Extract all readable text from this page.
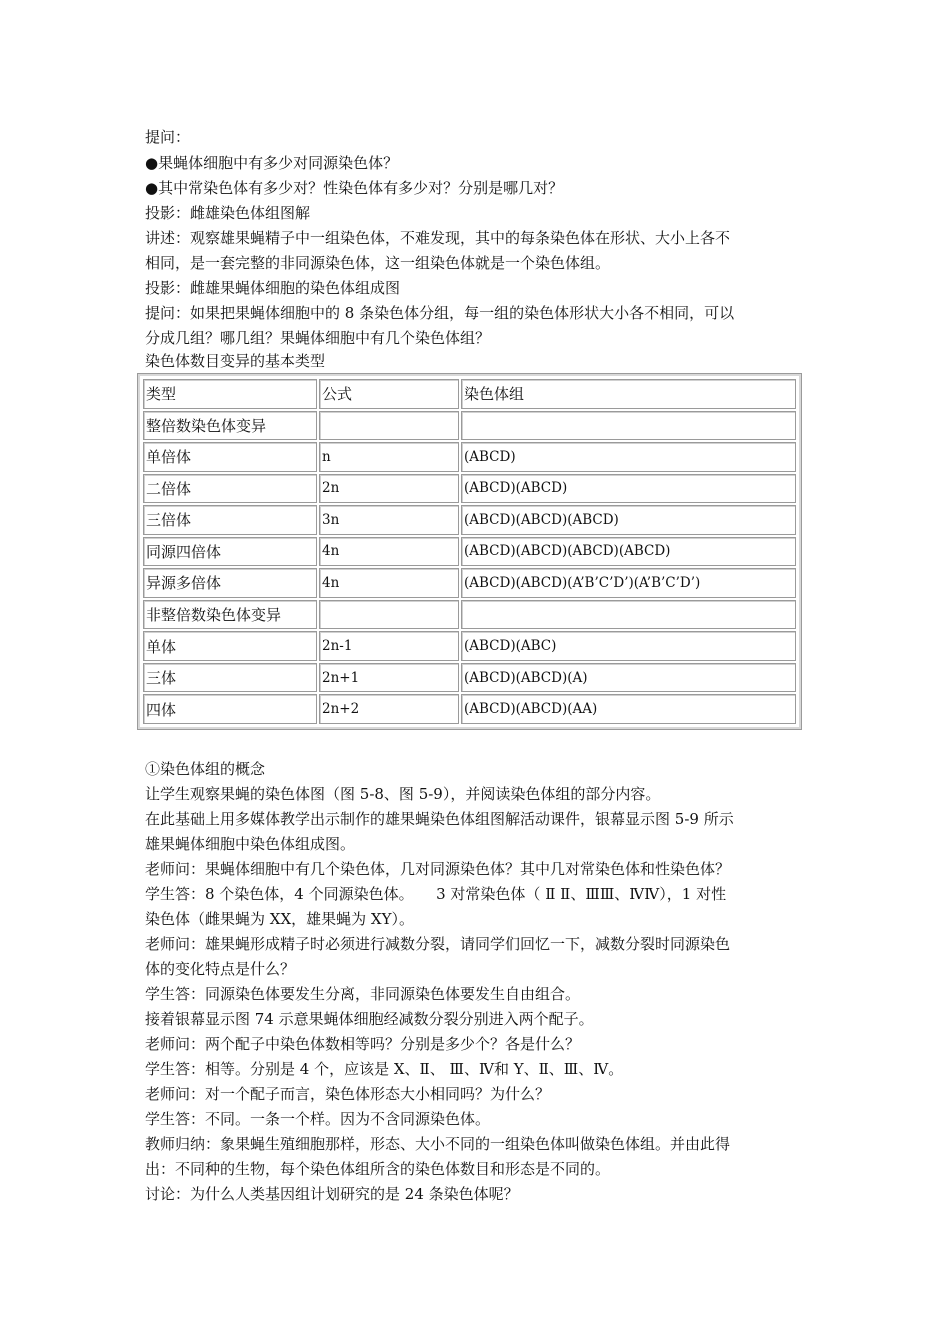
提问：
●果蝇体细胞中有多少对同源染色体？
●其中常染色体有多少对？性染色体有多少对？分别是哪几对？
投影：雌雄染色体组图解
讲述：观察雄果蝇精子中一组染色体，不难发现，其中的每条染色体在形状、大小上各不
相同，是一套完整的非同源染色体，这一组染色体就是一个染色体组。
投影：雌雄果蝇体细胞的染色体组成图
提问：如果把果蝇体细胞中的 8 条染色体分组，每一组的染色体形状大小各不相同，可以
分成几组？哪几组？果蝇体细胞中有几个染色体组？
染色体数目变异的基本类型
类型	公式	染色体组
整倍数染色体变异		
单倍体	n	(ABCD)
二倍体	2n	(ABCD)(ABCD)
三倍体	3n	(ABCD)(ABCD)(ABCD)
同源四倍体	4n	(ABCD)(ABCD)(ABCD)(ABCD)
异源多倍体	4n	(ABCD)(ABCD)(A’B’C’D’)(A’B’C’D’)
非整倍数染色体变异		
单体	2n-1	(ABCD)(ABC)
三体	2n+1	(ABCD)(ABCD)(A)
四体	2n+2	(ABCD)(ABCD)(AA)
①染色体组的概念
让学生观察果蝇的染色体图（图 5-8、图 5-9），并阅读染色体组的部分内容。
在此基础上用多媒体教学出示制作的雄果蝇染色体组图解活动课件，银幕显示图 5-9 所示
雄果蝇体细胞中染色体组成图。
老师问：果蝇体细胞中有几个染色体，几对同源染色体？其中几对常染色体和性染色体？
学生答：8 个染色体，4 个同源染色体。　　3 对常染色体（ Ⅱ Ⅱ、ⅢⅢ、ⅣⅣ），1 对性
染色体（雌果蝇为 XX，雄果蝇为 XY）。
老师问：雄果蝇形成精子时必须进行减数分裂，请同学们回忆一下，减数分裂时同源染色
体的变化特点是什么？
学生答：同源染色体要发生分离，非同源染色体要发生自由组合。
接着银幕显示图 74 示意果蝇体细胞经减数分裂分别进入两个配子。
老师问：两个配子中染色体数相等吗？分别是多少个？各是什么？
学生答：相等。分别是 4 个，应该是 X、Ⅱ、 Ⅲ、Ⅳ和 Y、Ⅱ、Ⅲ、Ⅳ。
老师问：对一个配子而言，染色体形态大小相同吗？为什么？
学生答：不同。一条一个样。因为不含同源染色体。
教师归纳：象果蝇生殖细胞那样，形态、大小不同的一组染色体叫做染色体组。并由此得
出：不同种的生物，每个染色体组所含的染色体数目和形态是不同的。
讨论：为什么人类基因组计划研究的是 24 条染色体呢？
